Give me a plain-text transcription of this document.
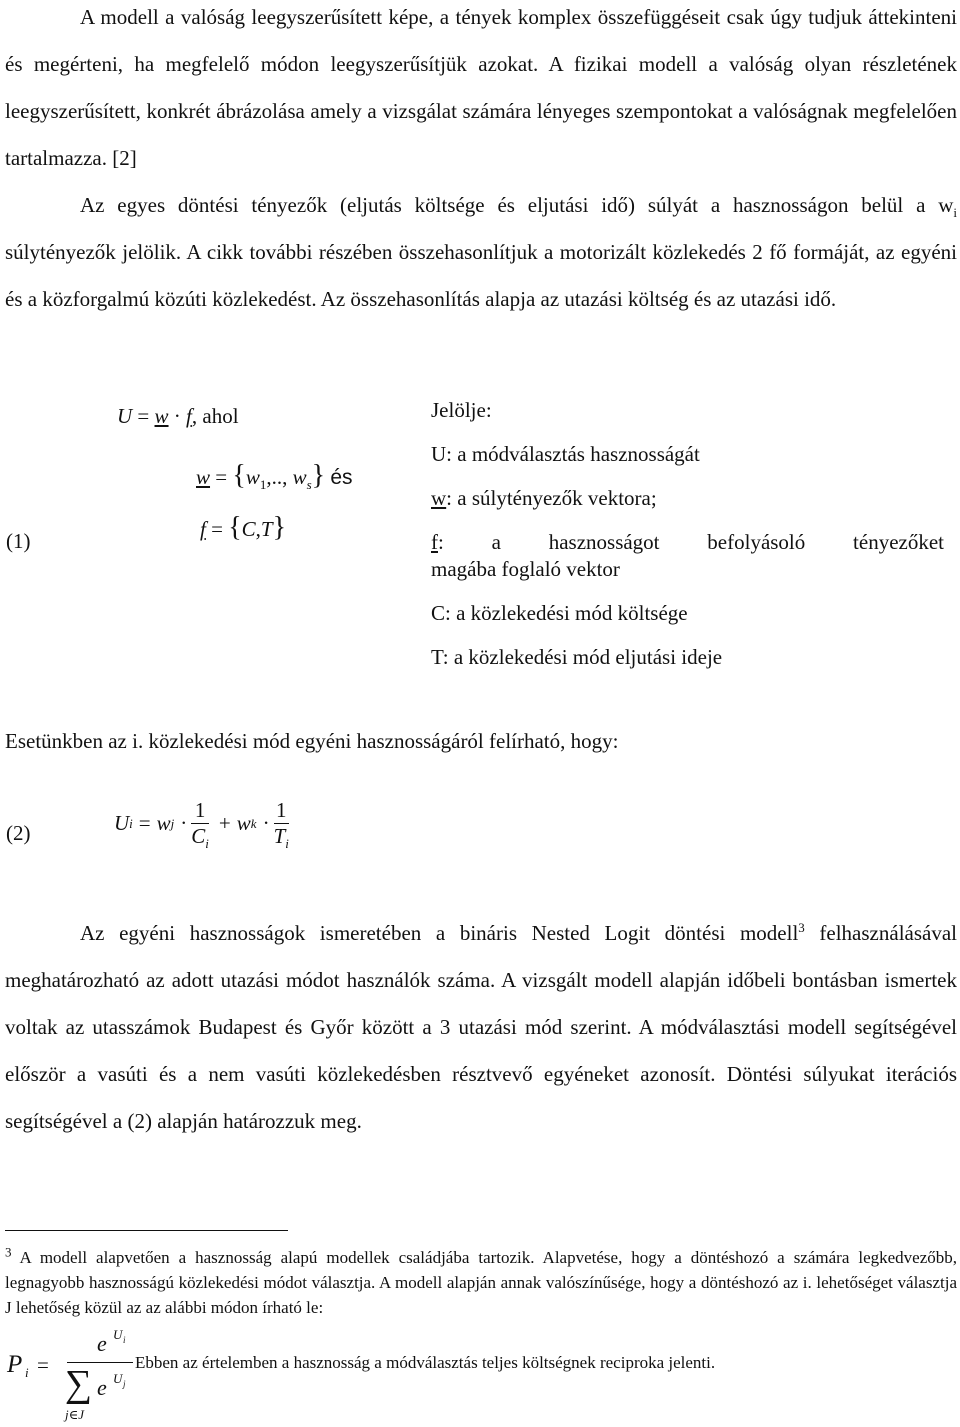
A modell a valóság leegyszerűsített képe, a tények komplex összefüggéseit csak úgy tudjuk áttekinteni és megérteni, ha megfelelő módon leegyszerűsítjük azokat. A fizikai modell a valóság olyan részletének leegyszerűsített, konkrét ábrázolása amely a vizsgálat számára lényeges szempontokat a valóságnak megfelelően tartalmazza. [2]

Az egyes döntési tényezők (eljutás költsége és eljutási idő) súlyát a hasznosságon belül a $w_i$ súlytényezők jelölik. A cikk további részében összehasonlítjuk a motorizált közlekedés 2 fő formáját, az egyéni és a közforgalmú közúti közlekedést. Az összehasonlítás alapja az utazási költség és az utazási idő.

(1)
U = w · f, ahol
$w = \{w_1$,.., $w_s$} és
f = {C,T}
Jelölje:
U: a módválasztás hasznosságát
w: a súlytényezők vektora;
f: a hasznosságot befolyásoló tényezőket
magába foglaló vektor
C: a közlekedési mód költsége
T: a közlekedési mód eljutási ideje

Esetünkben az i. közlekedési mód egyéni hasznosságáról felírható, hogy:

(2)	U i = w $j \cdot \frac{1}{C_i} + w$ $k \cdot \frac{1}{T_i}$

Az egyéni hasznosságok ismeretében a bináris Nested Logit döntési modell$^3$ felhasználásával meghatározható az adott utazási módot használók száma. A vizsgált modell alapján időbeli bontásban ismertek voltak az utasszámok Budapest és Győr között a 3 utazási mód szerint. A módválasztási modell segítségével először a vasúti és a nem vasúti közlekedésben résztvevő egyéneket azonosít. Döntési súlyukat iterációs segítségével a (2) alapján határozzuk meg.

$^3$ A modell alapvetően a hasznosság alapú modellek családjába tartozik. Alapvetése, hogy a döntéshozó a számára legkedvezőbb, legnagyobb hasznosságú közlekedési módot választja. A modell alapján annak valószínűsége, hogy a döntéshozó az i. lehetőséget választja J lehetőség közül az az alábbi módon írható le:
P i =
e U i
∑
j∈J
e U j
Ebben az értelemben a hasznosság a módválasztás teljes költségnek reciproka jelenti.
